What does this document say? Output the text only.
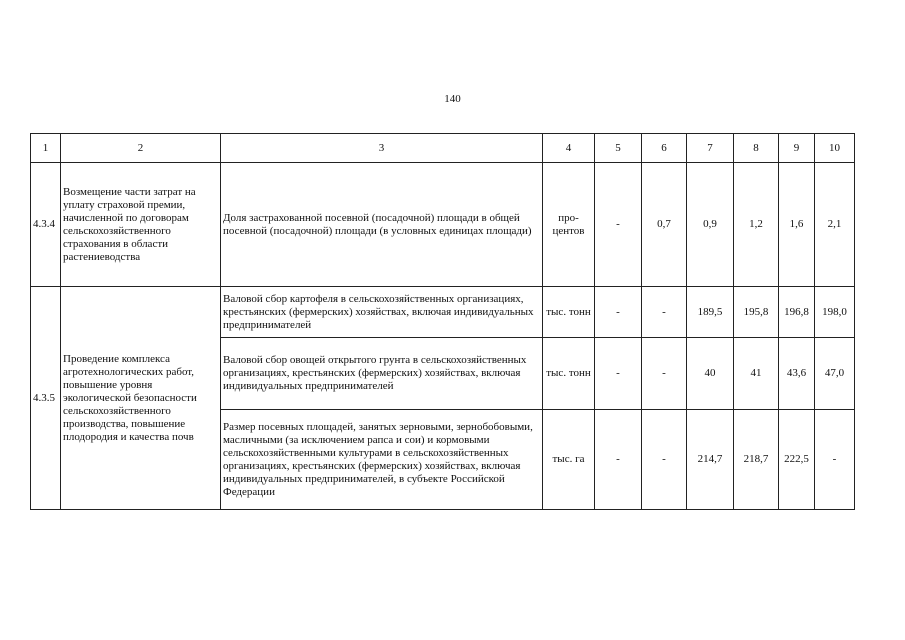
140
1	2	3	4	5	6	7	8	9	10
4.3.4	Возмещение части затрат на уплату страховой премии, начисленной по договорам сельскохозяйственного страхования в области растениеводства	Доля застрахованной посевной (посадочной) площади в общей посевной (посадочной) площади (в условных единицах площади)	про-центов	-	0,7	0,9	1,2	1,6	2,1
4.3.5	Проведение комплекса агротехнологических работ, повышение уровня экологической безопасности сельскохозяйственного производства, повышение плодородия и качества почв	Валовой сбор картофеля в сельскохозяйственных организациях, крестьянских (фермерских) хозяйствах, включая индивидуальных предпринимателей	тыс. тонн	-	-	189,5	195,8	196,8	198,0
		Валовой сбор овощей открытого грунта в сельскохозяйственных организациях, крестьянских (фермерских) хозяйствах, включая индивидуальных предпринимателей	тыс. тонн	-	-	40	41	43,6	47,0
		Размер посевных площадей, занятых зерновыми, зернобобовыми, масличными (за исключением рапса и сои) и кормовыми сельскохозяйственными культурами в сельскохозяйственных организациях, крестьянских (фермерских) хозяйствах, включая индивидуальных предпринимателей, в субъекте Российской Федерации	тыс. га	-	-	214,7	218,7	222,5	-
